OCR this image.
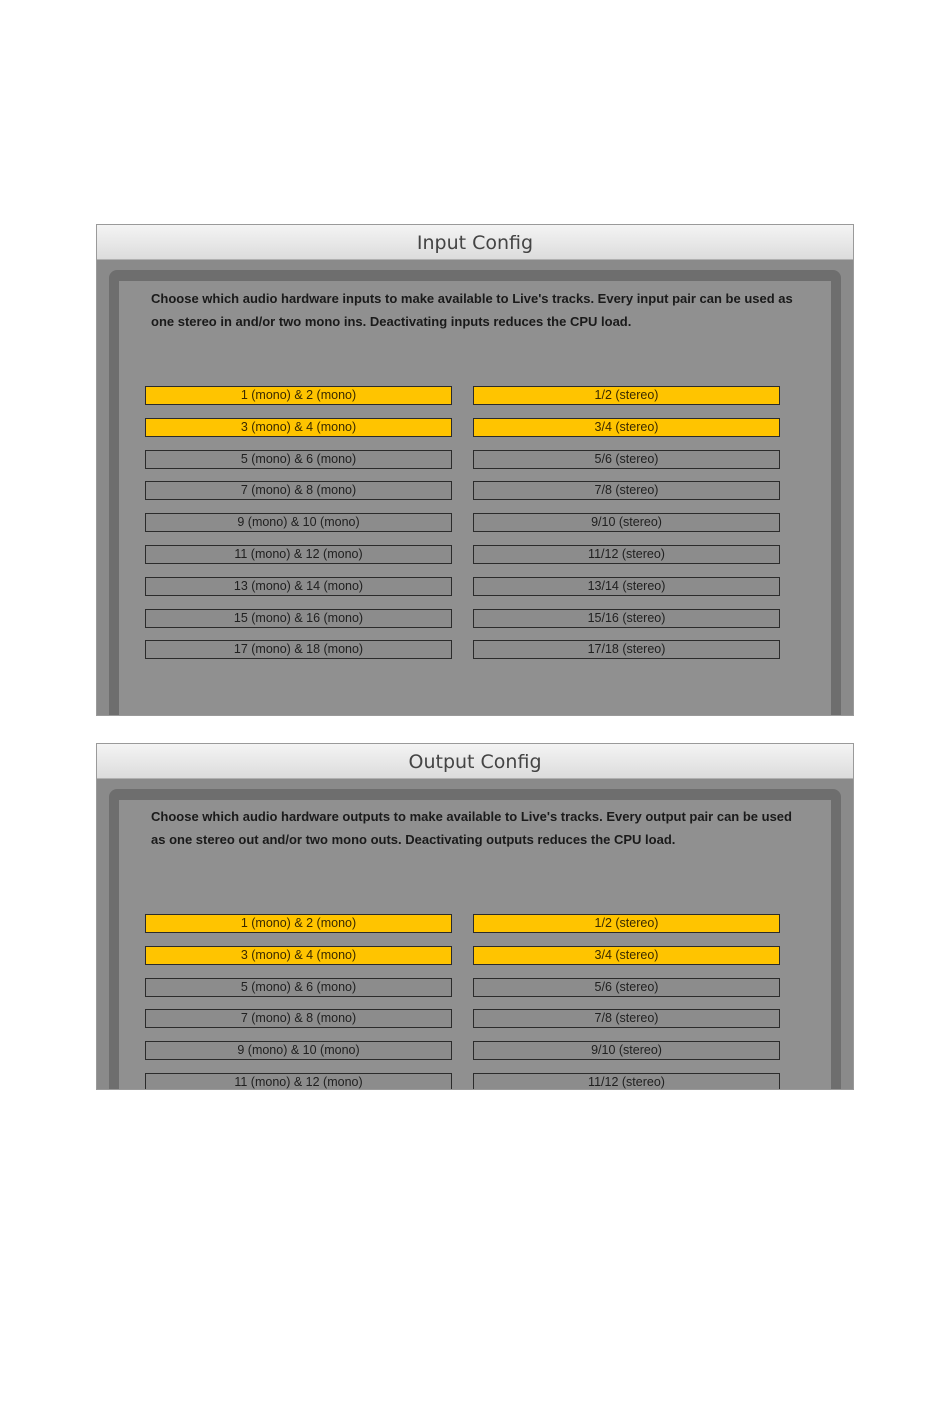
Input Config
Choose which audio hardware inputs to make available to Live's tracks. Every input pair can be used as one stereo in and/or two mono ins. Deactivating inputs reduces the CPU load.
1 (mono) & 2 (mono)	1/2 (stereo)
3 (mono) & 4 (mono)	3/4 (stereo)
5 (mono) & 6 (mono)	5/6 (stereo)
7 (mono) & 8 (mono)	7/8 (stereo)
9 (mono) & 10 (mono)	9/10 (stereo)
11 (mono) & 12 (mono)	11/12 (stereo)
13 (mono) & 14 (mono)	13/14 (stereo)
15 (mono) & 16 (mono)	15/16 (stereo)
17 (mono) & 18 (mono)	17/18 (stereo)
Output Config
Choose which audio hardware outputs to make available to Live's tracks. Every output pair can be used as one stereo out and/or two mono outs. Deactivating outputs reduces the CPU load.
1 (mono) & 2 (mono)	1/2 (stereo)
3 (mono) & 4 (mono)	3/4 (stereo)
5 (mono) & 6 (mono)	5/6 (stereo)
7 (mono) & 8 (mono)	7/8 (stereo)
9 (mono) & 10 (mono)	9/10 (stereo)
11 (mono) & 12 (mono)	11/12 (stereo)
